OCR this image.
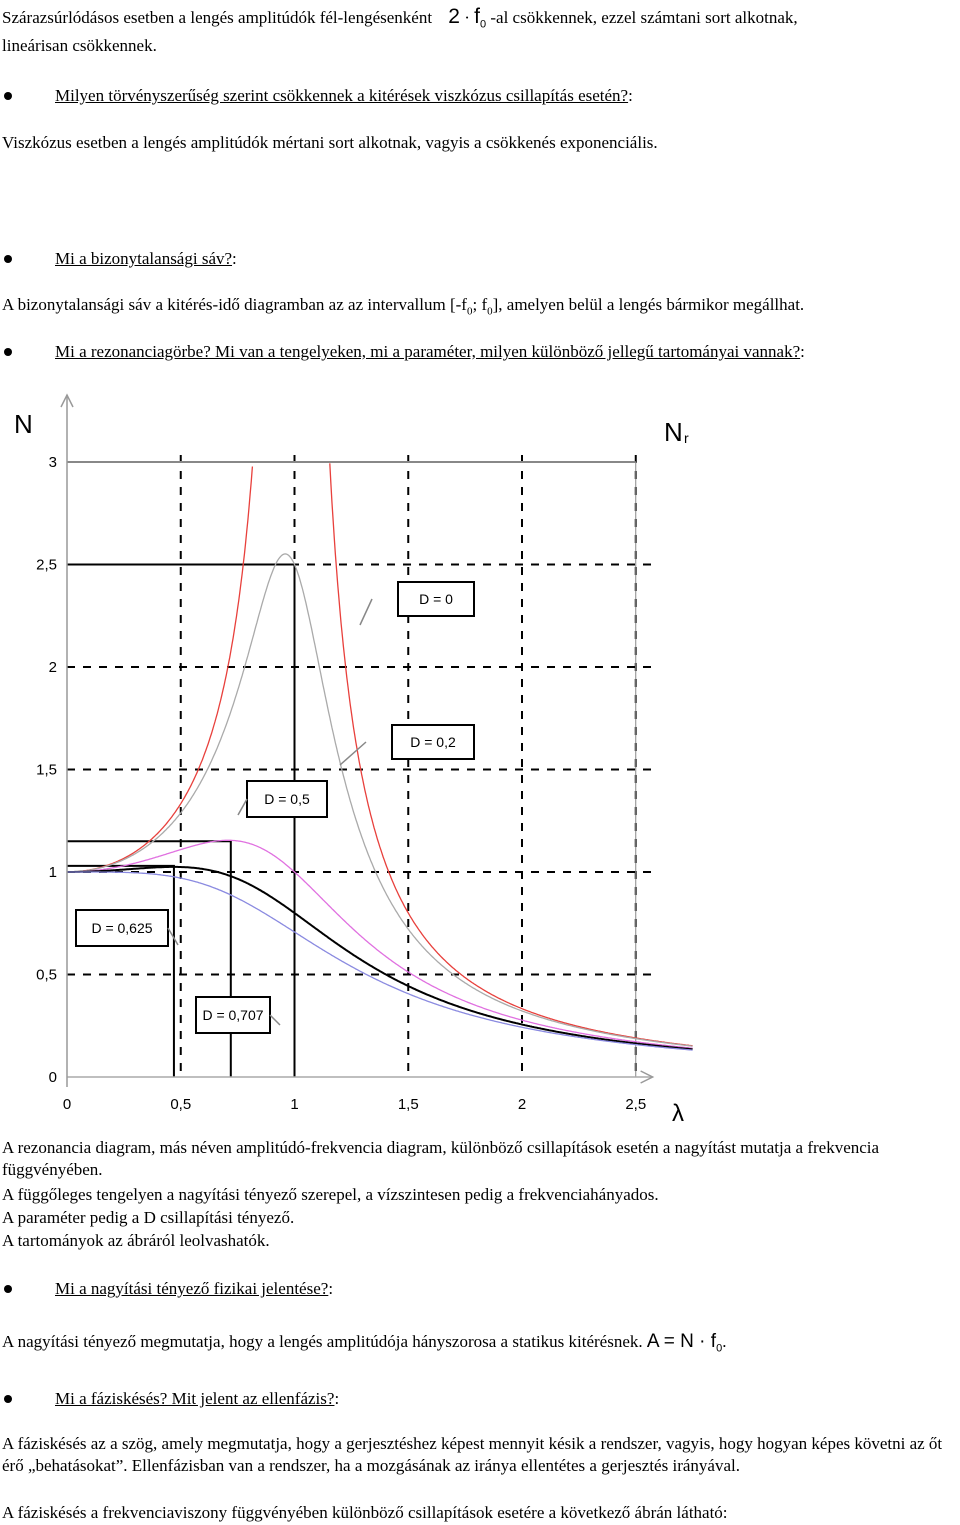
Szárazsúrlódásos esetben a lengés amplitúdók fél-lengésenként $2 \cdot f_0$ -al csökkennek, ezzel számtani sort alkotnak,
lineárisan csökkennek.
Milyen törvényszerűség szerint csökkennek a kitérések viszkózus csillapítás esetén?:
Viszkózus esetben a lengés amplitúdók mértani sort alkotnak, vagyis a csökkenés exponenciális.
Mi a bizonytalansági sáv?:
A bizonytalansági sáv a kitérés-idő diagramban az az intervallum [$-f_0$; $f_0$], amelyen belül a lengés bármikor megállhat.
Mi a rezonanciagörbe? Mi van a tengelyeken, mi a paraméter, milyen különböző jellegű tartományai vannak?:
0	0,5	1	1,5	2	2,5
0
0,5
1
1,5
2
2,5
3
D = 0
D = 0,2
D = 0,5
D = 0,625
D = 0,707
N	N r
λ
A rezonancia diagram, más néven amplitúdó-frekvencia diagram, különböző csillapítások esetén a nagyítást mutatja a frekvencia függvényében.
A függőleges tengelyen a nagyítási tényező szerepel, a vízszintesen pedig a frekvenciahányados.
A paraméter pedig a D csillapítási tényező.
A tartományok az ábráról leolvashatók.
Mi a nagyítási tényező fizikai jelentése?:
A nagyítási tényező megmutatja, hogy a lengés amplitúdója hányszorosa a statikus kitérésnek. $A = N \cdot f_0$.
Mi a fáziskésés? Mit jelent az ellenfázis?:
A fáziskésés az a szög, amely megmutatja, hogy a gerjesztéshez képest mennyit késik a rendszer, vagyis, hogy hogyan képes követni az őt érő „behatásokat”. Ellenfázisban van a rendszer, ha a mozgásának az iránya ellentétes a gerjesztés irányával.
A fáziskésés a frekvenciaviszony függvényében különböző csillapítások esetére a következő ábrán látható:
